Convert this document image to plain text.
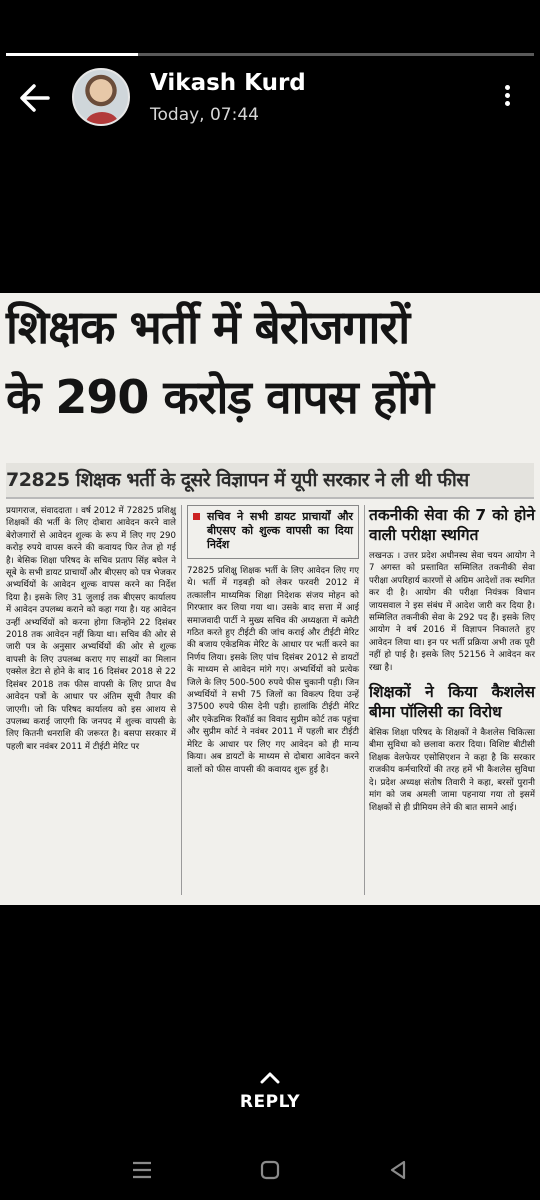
Vikash Kurd
Today, 07:44
शिक्षक भर्ती में बेरोजगारों
के 290 करोड़ वापस होंगे
72825 शिक्षक भर्ती के दूसरे विज्ञापन में यूपी सरकार ने ली थी फीस

प्रयागराज, संवाददाता । वर्ष 2012 में 72825 प्रशिक्षु शिक्षकों की भर्ती के लिए दोबारा आवेदन करने वाले बेरोजगारों से आवेदन शुल्क के रूप में लिए गए 290 करोड़ रुपये वापस करने की कवायद फिर तेज हो गई है। बेसिक शिक्षा परिषद के सचिव प्रताप सिंह बघेल ने सूबे के सभी डायट प्राचार्यों और बीएसए को पत्र भेजकर अभ्यर्थियों के आवेदन शुल्क वापस करने का निर्देश दिया है। इसके लिए 31 जुलाई तक बीएसए कार्यालय में आवेदन उपलब्ध कराने को कहा गया है। यह आवेदन उन्हीं अभ्यर्थियों को करना होगा जिन्होंने 22 दिसंबर 2018 तक आवेदन नहीं किया था। सचिव की ओर से जारी पत्र के अनुसार अभ्यर्थियों की ओर से शुल्क वापसी के लिए उपलब्ध कराए गए साक्ष्यों का मिलान एक्सेल डेटा से होने के बाद 16 दिसंबर 2018 से 22 दिसंबर 2018 तक फीस वापसी के लिए प्राप्त वैध आवेदन पत्रों के आधार पर अंतिम सूची तैयार की जाएगी। जो कि परिषद कार्यालय को इस आशय से उपलब्ध कराई जाएगी कि जनपद में शुल्क वापसी के लिए कितनी धनराशि की जरूरत है। बसपा सरकार में पहली बार नवंबर 2011 में टीईटी मेरिट पर

सचिव ने सभी डायट प्राचार्यों और बीएसए को शुल्क वापसी का दिया निर्देश

72825 प्रशिक्षु शिक्षक भर्ती के लिए आवेदन लिए गए थे। भर्ती में गड़बड़ी को लेकर फरवरी 2012 में तत्कालीन माध्यमिक शिक्षा निदेशक संजय मोहन को गिरफ्तार कर लिया गया था। उसके बाद सत्ता में आई समाजवादी पार्टी ने मुख्य सचिव की अध्यक्षता में कमेटी गठित करते हुए टीईटी की जांच कराई और टीईटी मेरिट की बजाय एकेडमिक मेरिट के आधार पर भर्ती करने का निर्णय लिया। इसके लिए पांच दिसंबर 2012 से डायटों के माध्यम से आवेदन मांगे गए। अभ्यर्थियों को प्रत्येक जिले के लिए 500-500 रुपये फीस चुकानी पड़ी। जिन अभ्यर्थियों ने सभी 75 जिलों का विकल्प दिया उन्हें 37500 रुपये फीस देनी पड़ी। हालांकि टीईटी मेरिट और एकेडमिक रिकॉर्ड का विवाद सुप्रीम कोर्ट तक पहुंचा और सुप्रीम कोर्ट ने नवंबर 2011 में पहली बार टीईटी मेरिट के आधार पर लिए गए आवेदन को ही मान्य किया। अब डायटों के माध्यम से दोबारा आवेदन करने वालों को फीस वापसी की कवायद शुरू हुई है।

तकनीकी सेवा की 7 को होने वाली परीक्षा स्थगित

लखनऊ । उत्तर प्रदेश अधीनस्थ सेवा चयन आयोग ने 7 अगस्त को प्रस्तावित सम्मिलित तकनीकी सेवा परीक्षा अपरिहार्य कारणों से अग्रिम आदेशों तक स्थगित कर दी है। आयोग की परीक्षा नियंत्रक विधान जायसवाल ने इस संबंध में आदेश जारी कर दिया है। सम्मिलित तकनीकी सेवा के 292 पद हैं। इसके लिए आयोग ने वर्ष 2016 में विज्ञापन निकालते हुए आवेदन लिया था। इन पर भर्ती प्रक्रिया अभी तक पूरी नहीं हो पाई है। इसके लिए 52156 ने आवेदन कर रखा है।

शिक्षकों ने किया कैशलेस बीमा पॉलिसी का विरोध

बेसिक शिक्षा परिषद के शिक्षकों ने कैशलेस चिकित्सा बीमा सुविधा को छलावा करार दिया। विशिष्ट बीटीसी शिक्षक वेलफेयर एसोसिएशन ने कहा है कि सरकार राजकीय कर्मचारियों की तरह हमें भी कैशलेस सुविधा दे। प्रदेश अध्यक्ष संतोष तिवारी ने कहा, बरसों पुरानी मांग को जब अमली जामा पहनाया गया तो इसमें शिक्षकों से ही प्रीमियम लेने की बात सामने आई।

REPLY
